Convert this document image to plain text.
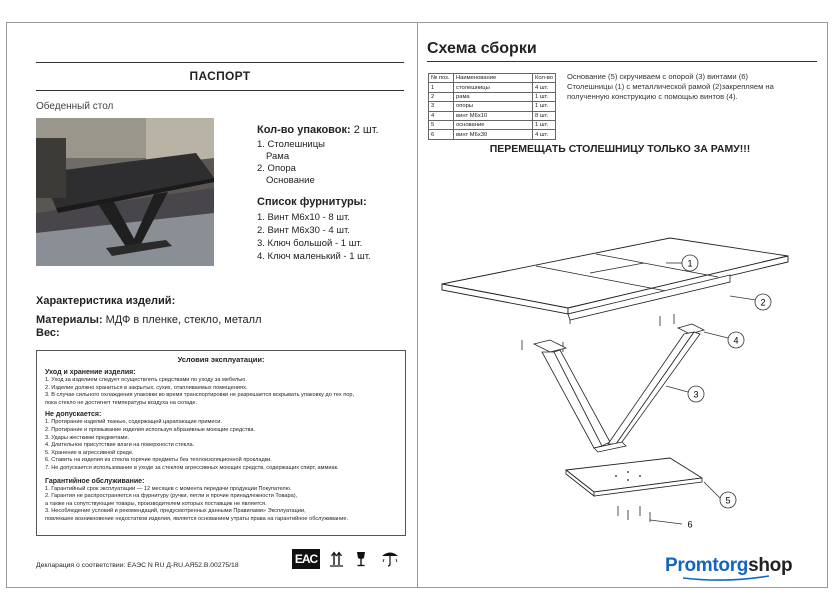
ПАСПОРТ
Обеденный стол
Кол-во упаковок: 2 шт.
1. Столешницы
Рама
2. Опора
Основание
Список фурнитуры:
1. Винт М6х10 - 8 шт.
2. Винт М6х30 - 4 шт.
3. Ключ большой - 1 шт.
4. Ключ маленький - 1 шт.
Характеристика изделий:
Материалы: МДФ в пленке, стекло, металл
Вес:
Условия эксплуатации:
Уход и хранение изделия:
1. Уход за изделием следует осуществлять средствами по уходу за мебелью.
2. Изделие должно храниться в закрытых, сухих, отапливаемых помещениях.
3. В случае сильного охлаждения упаковки во время транспортировки не разрешается вскрывать упаковку до тех пор,
пока стекло не достигнет температуры воздуха на складе.
Не допускается:
1. Протирание изделий тканью, содержащей царапающие примеси.
2. Протирание и промывание изделия используя абразивные моющие средства.
3. Удары жесткими предметами.
4. Длительное присутствие влаги на поверхности стекла.
5. Хранение в агрессивной среде.
6. Ставить на изделия из стекла горячие предметы без теплоизоляционной прокладки.
7. Не допускается использование в уходе за стеклом агрессивных моющих средств, содержащих спирт, аммиак.
Гарантийное обслуживание:
1. Гарантийный срок эксплуатации — 12 месяцев с момента передачи продукции Покупателю.
2. Гарантия не распространяется на фурнитуру (ручки, петли и прочие принадлежности Товара),
а также на сопутствующие товары, производителем которых поставщик не является.
3. Несоблюдение условий и рекомендаций, предусмотренных данными Правилами» Эксплуатации,
повлекшее возникновение недостатков изделия, является основанием утраты права на гарантийное обслуживание.
Декларация о соответствии: ЕАЭС N RU Д-RU.АЯ52.В.00275/18	EAC
Схема сборки
№ поз.	Наименование	Кол-во
1	столешницы	4 шт.
2	рама	1 шт.
3	опоры	1 шт.
4	винт М6х10	8 шт.
5	основание	1 шт.
6	винт М6х30	4 шт.
Основание (5) скручиваем с опорой (3) винтами (6)
Столешницы (1) с металлической рамой (2)закрепляем на
полученную конструкцию с помощью винтов (4).
ПЕРЕМЕЩАТЬ СТОЛЕШНИЦУ ТОЛЬКО ЗА РАМУ!!!
1
2
4
3
5
6
Promtorgshop
